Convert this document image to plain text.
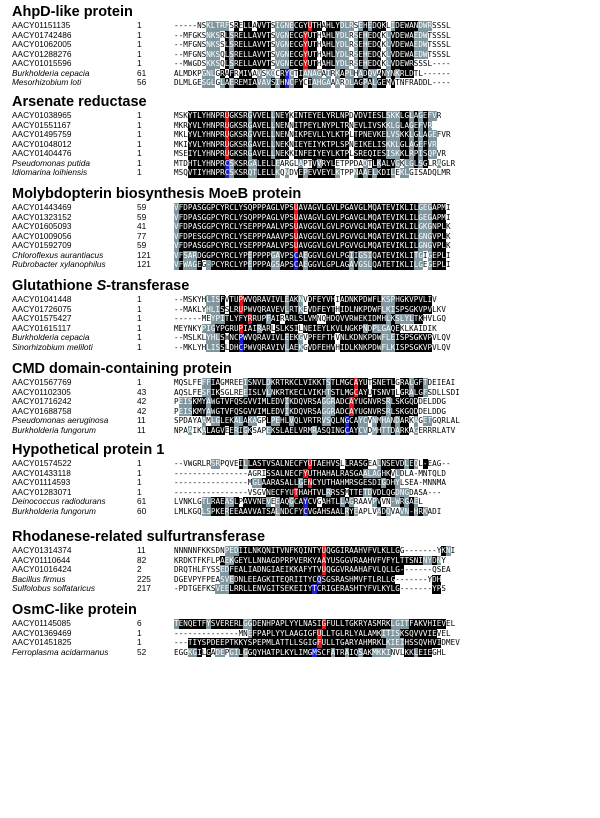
AhpD-like protein
AACY01151135	1	-----NSKLTRFSRELLAVVTSIGNECGYUTHAHLYDLRSEHEDQKLIDEWANDWRSSSL
AACY01742486	1	--MFGKSNKSRLSRELLAVVTSVGNECGYUTHAHLYDLRSEHEDQKLVDEWAEDWTSSSL
AACY01062005	1	--MFGNSNKSSLSRELLAVVTSVGNECGYUTHAHLYDLRSEHEDQKLVDEWAEDWTSSSL
AACY01288276	1	--MFGNSNKSQLSRELLAVVTSVGNECGYUTHAHLYDLRSEHEDQKLVDEWAEDWTSSSL
AACY01015596	1	--MWGDSKKSQLSRELLAVVTSVGNECGYUTHAHLYDLRSEHEDQKLVDEWRSSSL----
Burkholderia cepacia	61	ALMDKPGNLGRAFRMIVAVSKQCRYCTIANAGAIRKAPLHADQVANYNKRLDTL------
Mesorhizobium loti	56	DLMLGESGLGLAEREMIAVAVSIHNCFYCIAHGAAAROLAGPALGEMVTNFRADDL----
Arsenate reductase
AACY01038965	1	MSKYTLYHNPRUGKSRGVVELLNEYKINTEYELYRLNPDVDVIESLSKKLGLAGEFVR
AACY01551167	1	MKRYVLYHNPRUGKSRGAVELLNENNITPEYLNYPLTRNEVLIVSKKLGLAGEFVR
AACY01495759	1	MKLYVLYHNPRUGKSRGVVELLNENNIKPEVLLYLKTPLTPNEVKELVSKKLGLAGEFVR
AACY01048012	1	MKIYVLYHNPRUGKSRGAVELLNEKNIEYEIYKTPLSPNEIKELISKKLGLAGEFVR
AACY01404476	1	MSEIYLYHNPRUGKSRGAVELLNEKKINFEIYEYLKTPLSREQIESISKKLRPISQPVR
Pseudomonas putida	1	MTDHTLYHNPRCSKSRGALELLEARGLAPTVVRYLETPPDADTLKALVGKLGLSGLRAGLR
Idiomarina loihiensis	1	MSQVTIYHNPRCSKSRQTLELLKQNDVEPEVVEYLKTPPNAAELKDILEKLGISADQLMR
Molybdopterin biosynthesis MoeB protein
AACY01443469	59	VFDPASGGPCYRCLYSQPPPAGLVPSUAVAGVLGVLPGAVGLMQATEVIKLILGEGAPMI
AACY01323152	59	VFDPASGGPCYRCLYSQPPPAGLVPSUAVAGVLGVLPGAVGLMQATEVIKLILGEGAPMI
AACY01605093	41	VFDPASGGPCYRCLYSEPPPAALVPSUAVGGVLGVLPGVVGLMQATEVIKLILGKGNPLK
AACY01009056	77	VFDPESGGPCYRCLYSEPPPAAAVPSUAVGGVLGVLPGVVGLMQATEVIKLILGNGVPLK
AACY01592709	59	VFDPASGGPCYRCLYSEPPPAALVPSUAVGGVLGVLPGVVGLMQATEVIKLILGNGVPLK
Chloroflexus aurantiacus	121	VFSARDGGPCYRCLYPEPPPPGAVPSCAEGGVLGVLPGIIGSIQATEVIKLITGIGEPLI
Rubrobacter xylanophilus	121	VFWAGEG-PCYRCLYPEPPPAGSAPSCAEGGVLGPLAGAVGSLQATETIKLILGEGEPLI
Glutathione S-transferase
AACY01041448	1	--MSKYHLISFVTUPWVQRAVIVLEAKNVDFEYVHIADNKPDWFLKSPHGKVPVLIV
AACY01726075	1	--MAKLYHLISSLRUPWVQRAVEVLRTKEVDFEYTHIDLNKPDWFLKISPSGKVPVLKV
AACY01575427	1	------MEYPITLYFYRRUPFAIRARLSLVMNQHDQVVRWEKIDMHLKSLYLTKHVLGQ
AACY01615117	1	MEYNKYPIGYPGRUPIAIRARLSLKSILNEIEYLKVLNGKPNDPLGAQEKLKAIDIK
Burkholderia cepacia	1	--MSLKLYHLSWNCPWVQRAVIVLEEKGVPFEFTHVNLKDNKPDWFLEISPSGKVPVLQV
Sinorhizobium meliloti	1	--MKLYHLISSLDHCPWVQRAVIVLAEKGVDFEHVHIDLKNKPDWFLKISPSGKVPVLQV
CMD domain-containing protein
AACY01567769	1	MQSLFEFFIAGMREEISNVLDKRTRKCLVIKKTSTLMGCAYUTSNETLGRALGFTDEIEAI
AACY01102305	43	AQSLFESFIKSGLREEISLVLNKRTKECLVIKHTSTLMGCAYUTSNVTLGRALGFSDLLSDI
AACY01716242	42	PEISKMYAWGTVFQSGVVIMLEDVIKDQVRSAGGRADCAYUGNVRSRLSKGQDDELDDG
AACY01688758	42	PEISKMYAWGTVFQSGVVIMLEDVIKDQVRSAGGRADCAYUGNVRSRLSKGQDDELDDG
Pseudomonas aeruginosa	11	SPDAYAAMLGLEKALAKAGPLPEHLVQLVRTRVSQLNGCAYCVNMHANDARKAGETGQRLAL
Burkholderia fungorum	11	NPAAIKALAGVEERIGKSAPEKSLAELVRMRASQINGCAYCVDMHTTDARKAGERRRLATV
Hypothetical protein 1
AACY01574522	1	--VWGRLRSRPQVEILLASTVSALNECFYUTAEHVSLLRASGEALNSEVDLEQL-EAG--
AACY01433118	1	----------------AGRISSALNECFYUTHAHALRASGAALAGHKVLDLA-MNTQLD
AACY01114593	1	----------------MGLAARASALLGENCYUTHAHMRSGESDIGDHYLSEA-MNNMA
AACY01283071	1	----------------VSGVNECFYUTHAHTVLRRSSMTTETDVDLQGDNGDASA---
Deinococcus radiodurans	61	LVNKLGTLRAEASLPAVVNEVEEAQGCAYCVGAHTLLAGRAAVPVVN-WRGAEL
Burkholderia fungorum	60	LMLKGQLSPKEREEAAVVATSALNDCFYCVGAHSAALRYEAPLVADQVAVN-HRKADI
Rhodanese-related sulfurtransferase
AACY01314374	11	NNNNNFKKSDNPEDIILNKQNITVNFKQINTYUQGGIRAAHVFVLKLLGG-------YKNI
AACY01110644	82	KRDKTFKFLPAEKGEYLLNNAGDPRPVERKYAAYUSGGVRAAHVFVFYLTTSNINYDNY
AACY01016424	2	DRQTHLFYSSEDFEALIADNGIAEIKKAFYTVUQGGVRAAHAFVLQLLG-------QSEA
Bacillus firmus	225	DGEVPYFPEASVEDNLEEAGKITEQRIITYCQSGSRASHMVFTLRLLG-------YDH
Sulfolobus solfataricus	217	-PDTGEFKSVEELRRLLENVGITSEKEIIYTCRIGERASHTYFVLKYLG-------YPS
OsmC-like protein
AACY01145085	6	TENQETFYSVERERLGGDENHPAPLYYLNASIGFULLTGKRYASMRKLGITFAKVHIEVEL
AACY01369469	1	--------------MNEFPAPLYYLAAGIGFULLTGLRLYALAMKITISKSQVVVIEVEL
AACY01451825	1	---TIYSPDEEPTKKYSPEPMLATTLLSGIGFULLTGARYAHMRKLKIEIHSSQVHVIDMEV
Ferroplasma acidarmanus	52	EGGKGILGADEPGILGGQYHATPLKYLIMGMSCFATRAIQSAKMKKINVLKKLEIEGHL
